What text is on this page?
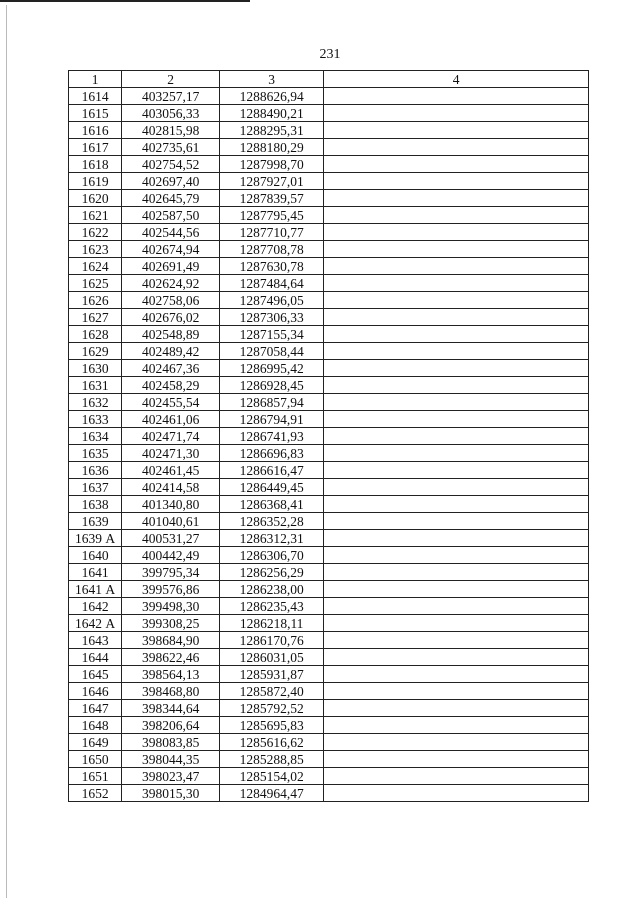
231
1	2	3	4
1614	403257,17	1288626,94	
1615	403056,33	1288490,21	
1616	402815,98	1288295,31	
1617	402735,61	1288180,29	
1618	402754,52	1287998,70	
1619	402697,40	1287927,01	
1620	402645,79	1287839,57	
1621	402587,50	1287795,45	
1622	402544,56	1287710,77	
1623	402674,94	1287708,78	
1624	402691,49	1287630,78	
1625	402624,92	1287484,64	
1626	402758,06	1287496,05	
1627	402676,02	1287306,33	
1628	402548,89	1287155,34	
1629	402489,42	1287058,44	
1630	402467,36	1286995,42	
1631	402458,29	1286928,45	
1632	402455,54	1286857,94	
1633	402461,06	1286794,91	
1634	402471,74	1286741,93	
1635	402471,30	1286696,83	
1636	402461,45	1286616,47	
1637	402414,58	1286449,45	
1638	401340,80	1286368,41	
1639	401040,61	1286352,28	
1639 А	400531,27	1286312,31	
1640	400442,49	1286306,70	
1641	399795,34	1286256,29	
1641 А	399576,86	1286238,00	
1642	399498,30	1286235,43	
1642 А	399308,25	1286218,11	
1643	398684,90	1286170,76	
1644	398622,46	1286031,05	
1645	398564,13	1285931,87	
1646	398468,80	1285872,40	
1647	398344,64	1285792,52	
1648	398206,64	1285695,83	
1649	398083,85	1285616,62	
1650	398044,35	1285288,85	
1651	398023,47	1285154,02	
1652	398015,30	1284964,47	
